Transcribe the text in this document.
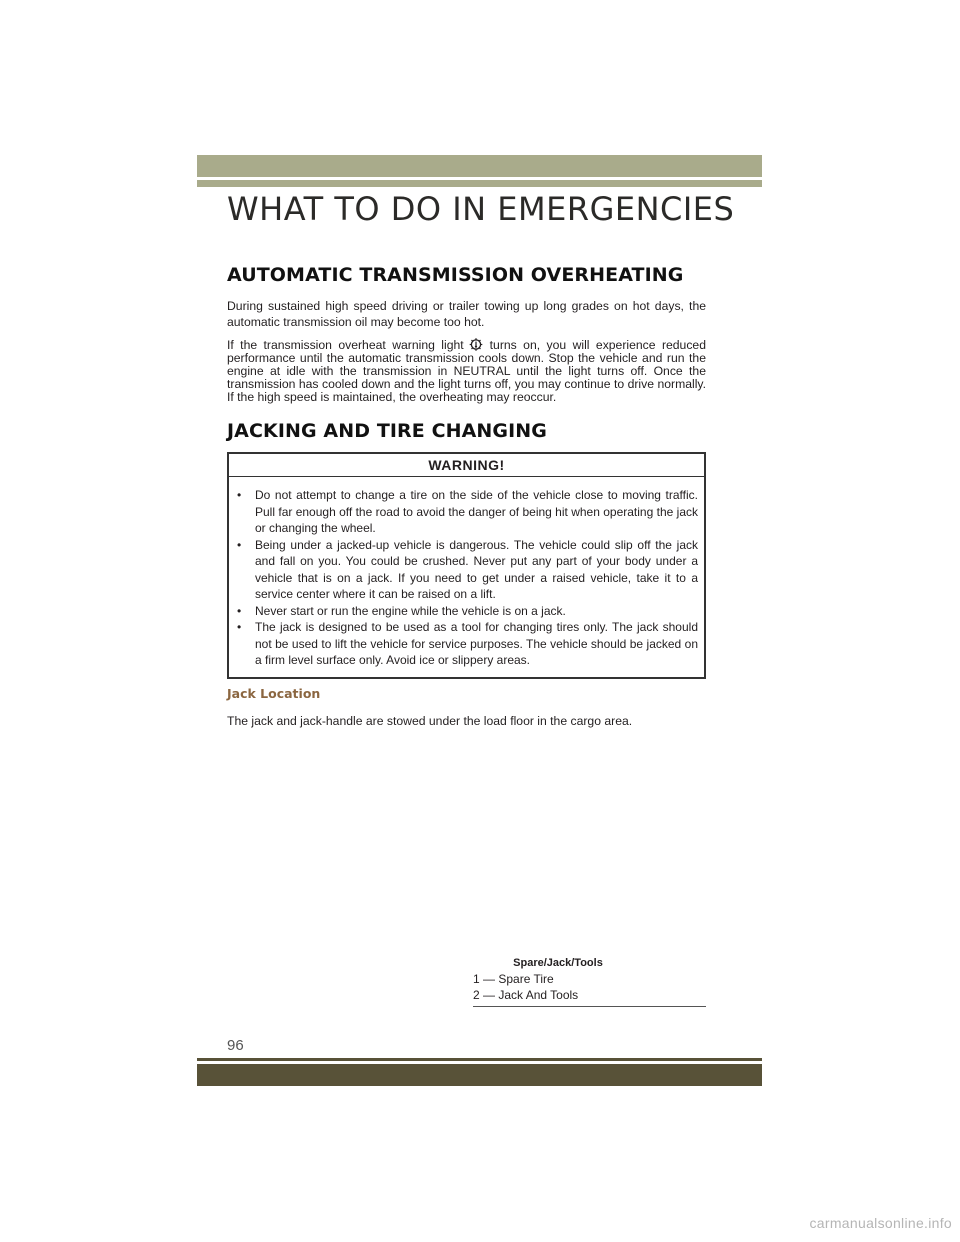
WHAT TO DO IN EMERGENCIES
AUTOMATIC TRANSMISSION OVERHEATING

During sustained high speed driving or trailer towing up long grades on hot days, the automatic transmission oil may become too hot.

If the transmission overheat warning light turns on, you will experience reduced performance until the automatic transmission cools down. Stop the vehicle and run the engine at idle with the transmission in NEUTRAL until the light turns off. Once the transmission has cooled down and the light turns off, you may continue to drive normally. If the high speed is maintained, the overheating may reoccur.

JACKING AND TIRE CHANGING
WARNING!
• Do not attempt to change a tire on the side of the vehicle close to moving traffic. Pull far enough off the road to avoid the danger of being hit when operating the jack or changing the wheel.
• Being under a jacked-up vehicle is dangerous. The vehicle could slip off the jack and fall on you. You could be crushed. Never put any part of your body under a vehicle that is on a jack. If you need to get under a raised vehicle, take it to a service center where it can be raised on a lift.
• Never start or run the engine while the vehicle is on a jack.
• The jack is designed to be used as a tool for changing tires only. The jack should not be used to lift the vehicle for service purposes. The vehicle should be jacked on a firm level surface only. Avoid ice or slippery areas.
Jack Location

The jack and jack-handle are stowed under the load floor in the cargo area.

Spare/Jack/Tools
1 — Spare Tire
2 — Jack And Tools
96
carmanualsonline.info
